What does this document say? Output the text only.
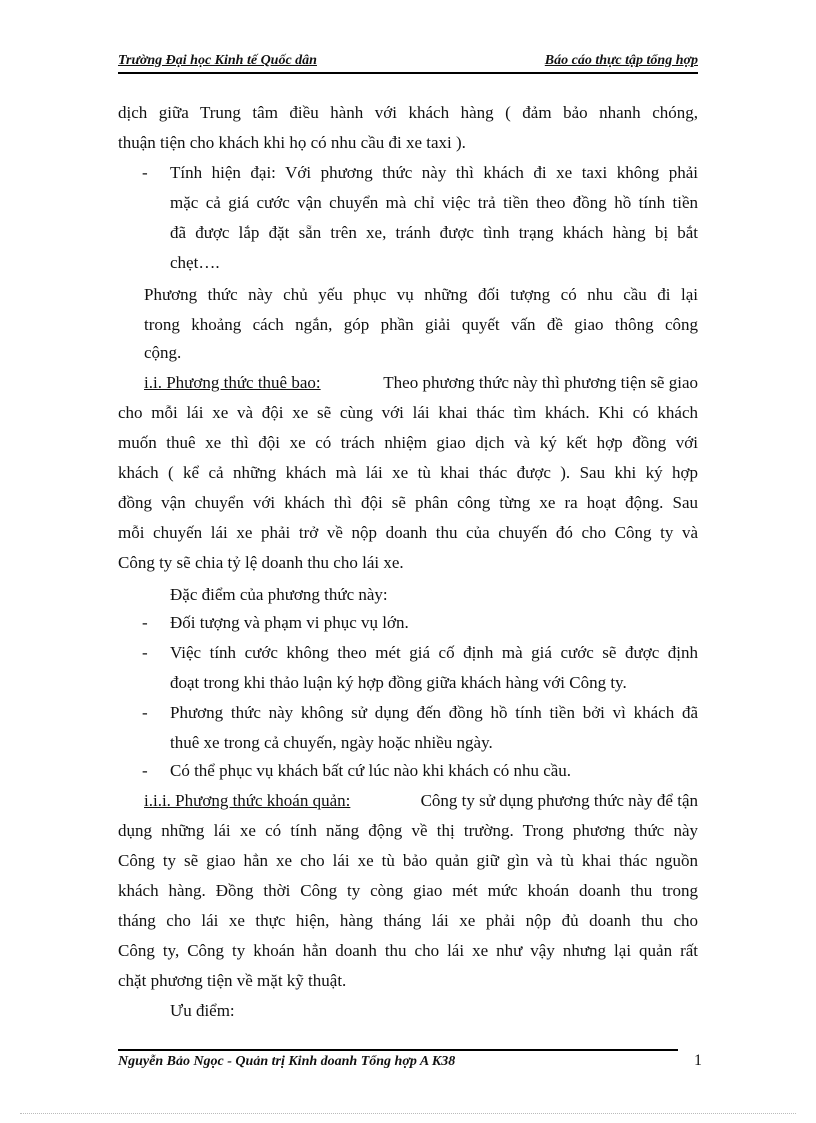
Trường Đại học Kinh tế Quốc dân	Báo cáo thực tập tổng hợp
dịch giữa Trung tâm điều hành với khách hàng ( đảm bảo nhanh chóng,
thuận tiện cho khách khi họ có nhu cầu đi xe taxi ).
- Tính hiện đại: Với phương thức này thì khách đi xe taxi không phải
mặc cả giá cước vận chuyển mà chỉ việc trả tiền theo đồng hồ tính tiền
đã được lắp đặt sẵn trên xe, tránh được tình trạng khách hàng bị bắt
chẹt….
Phương thức này chủ yếu phục vụ những đối tượng có nhu cầu đi lại
trong khoảng cách ngắn, góp phần giải quyết vấn đề giao thông công
cộng.
i.i. Phương thức thuê bao:	Theo phương thức này thì phương tiện sẽ giao
cho mỗi lái xe và đội xe sẽ cùng với lái khai thác tìm khách. Khi có khách
muốn thuê xe thì đội xe có trách nhiệm giao dịch và ký kết hợp đồng với
khách ( kể cả những khách mà lái xe tù khai thác được ). Sau khi ký hợp
đồng vận chuyển với khách thì đội sẽ phân công từng xe ra hoạt động. Sau
mỗi chuyến lái xe phải trở về nộp doanh thu của chuyến đó cho Công ty và
Công ty sẽ chia tỷ lệ doanh thu cho lái xe.
Đặc điểm của phương thức này:
- Đối tượng và phạm vi phục vụ lớn.
- Việc tính cước không theo mét giá cố định mà giá cước sẽ được định
đoạt trong khi thảo luận ký hợp đồng giữa khách hàng với Công ty.
- Phương thức này không sử dụng đến đồng hồ tính tiền bởi vì khách đã
thuê xe trong cả chuyến, ngày hoặc nhiều ngày.
- Có thể phục vụ khách bất cứ lúc nào khi khách có nhu cầu.
i.i.i. Phương thức khoán quản:	Công ty sử dụng phương thức này để tận
dụng những lái xe có tính năng động về thị trường. Trong phương thức này
Công ty sẽ giao hẳn xe cho lái xe tù bảo quản giữ gìn và tù khai thác nguồn
khách hàng. Đồng thời Công ty còng giao mét mức khoán doanh thu trong
tháng cho lái xe thực hiện, hàng tháng lái xe phải nộp đủ doanh thu cho
Công ty, Công ty khoán hẳn doanh thu cho lái xe như vậy nhưng lại quản rất
chặt phương tiện về mặt kỹ thuật.
Ưu điểm:
Nguyễn Bảo Ngọc - Quản trị Kinh doanh Tổng hợp A K38	1
